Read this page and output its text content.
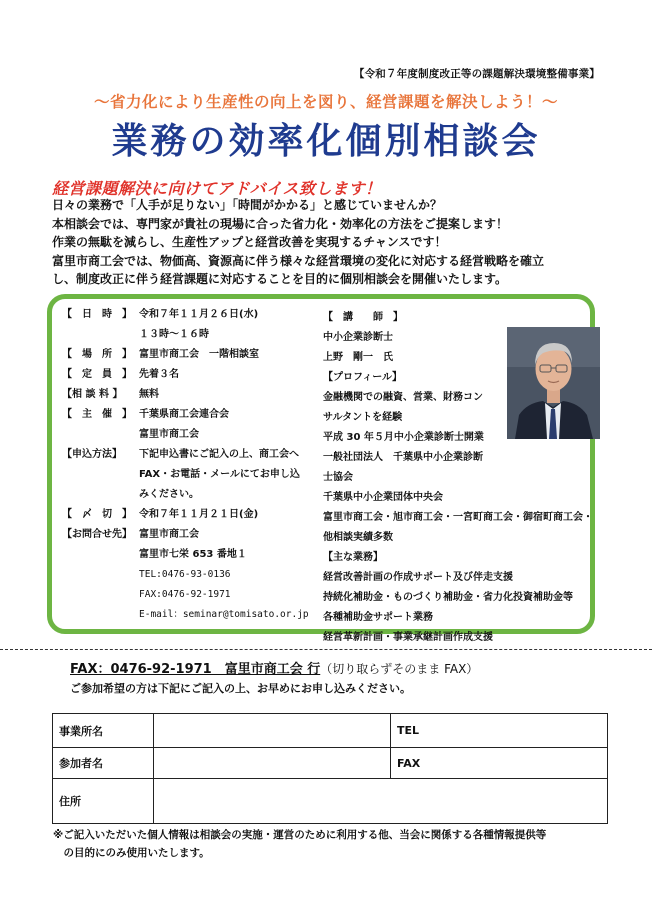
【令和７年度制度改正等の課題解決環境整備事業】
～省力化により生産性の向上を図り、経営課題を解決しよう！～
業務の効率化個別相談会
経営課題解決に向けてアドバイス致します！
日々の業務で「人手が足りない」「時間がかかる」と感じていませんか？
本相談会では、専門家が貴社の現場に合った省力化・効率化の方法をご提案します！
作業の無駄を減らし、生産性アップと経営改善を実現するチャンスです！
富里市商工会では、物価高、資源高に伴う様々な経営環境の変化に対応する経営戦略を確立
し、制度改正に伴う経営課題に対応することを目的に個別相談会を開催いたします。
【　日　時　】 令和７年１１月２６日(水)
１３時～１６時
【　場　所　】 富里市商工会　一階相談室
【　定　員　】 先着３名
【相 談 料 】 無料
【　主　催　】 千葉県商工会連合会
富里市商工会
【申込方法】 下記申込書にご記入の上、商工会へ
FAX・お電話・メールにてお申し込
みください。
【　〆　切　】 令和７年１１月２１日(金)
【お問合せ先】 富里市商工会
富里市七栄 653 番地１
TEL:0476-93-0136
FAX:0476-92-1971
E-mail：seminar@tomisato.or.jp
【　講　　師　】
中小企業診断士
上野　剛一　氏
【プロフィール】
金融機関での融資、営業、財務コン
サルタントを経験
平成 30 年５月中小企業診断士開業
一般社団法人　千葉県中小企業診断
士協会
千葉県中小企業団体中央会
富里市商工会・旭市商工会・一宮町商工会・御宿町商工会・
他相談実績多数
【主な業務】
経営改善計画の作成サポート及び伴走支援
持続化補助金・ものづくり補助金・省力化投資補助金等
各種補助金サポート業務
経営革新計画・事業承継計画作成支援
FAX：0476-92-1971　富里市商工会 行（切り取らずそのまま FAX）
ご参加希望の方は下記にご記入の上、お早めにお申し込みください。
事業所名		TEL	
参加者名		FAX	
住所			
※ご記入いただいた個人情報は相談会の実施・運営のために利用する他、当会に関係する各種情報提供等
　の目的にのみ使用いたします。
